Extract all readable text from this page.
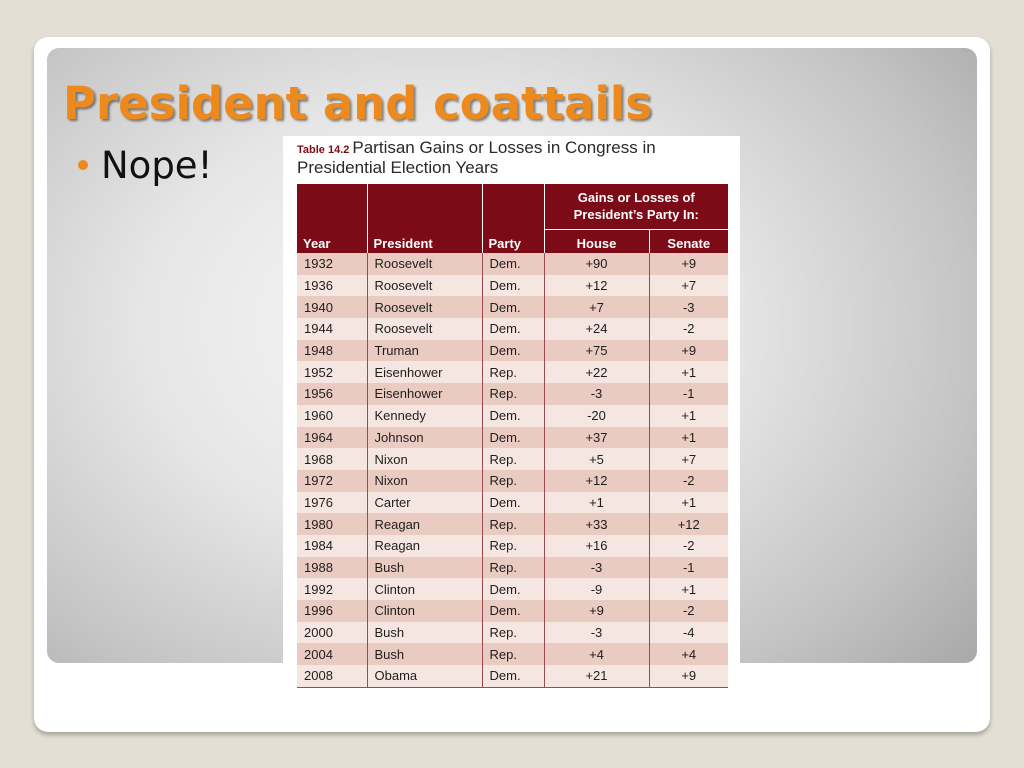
President and coattails
Nope!	Table 14.2 Partisan Gains or Losses in Congress in Presidential Election Years
Year	President	Party	Gains or Losses of President’s Party In:	
			House	Senate
1932	Roosevelt	Dem.	+90	+9
1936	Roosevelt	Dem.	+12	+7
1940	Roosevelt	Dem.	+7	-3
1944	Roosevelt	Dem.	+24	-2
1948	Truman	Dem.	+75	+9
1952	Eisenhower	Rep.	+22	+1
1956	Eisenhower	Rep.	-3	-1
1960	Kennedy	Dem.	-20	+1
1964	Johnson	Dem.	+37	+1
1968	Nixon	Rep.	+5	+7
1972	Nixon	Rep.	+12	-2
1976	Carter	Dem.	+1	+1
1980	Reagan	Rep.	+33	+12
1984	Reagan	Rep.	+16	-2
1988	Bush	Rep.	-3	-1
1992	Clinton	Dem.	-9	+1
1996	Clinton	Dem.	+9	-2
2000	Bush	Rep.	-3	-4
2004	Bush	Rep.	+4	+4
2008	Obama	Dem.	+21	+9
